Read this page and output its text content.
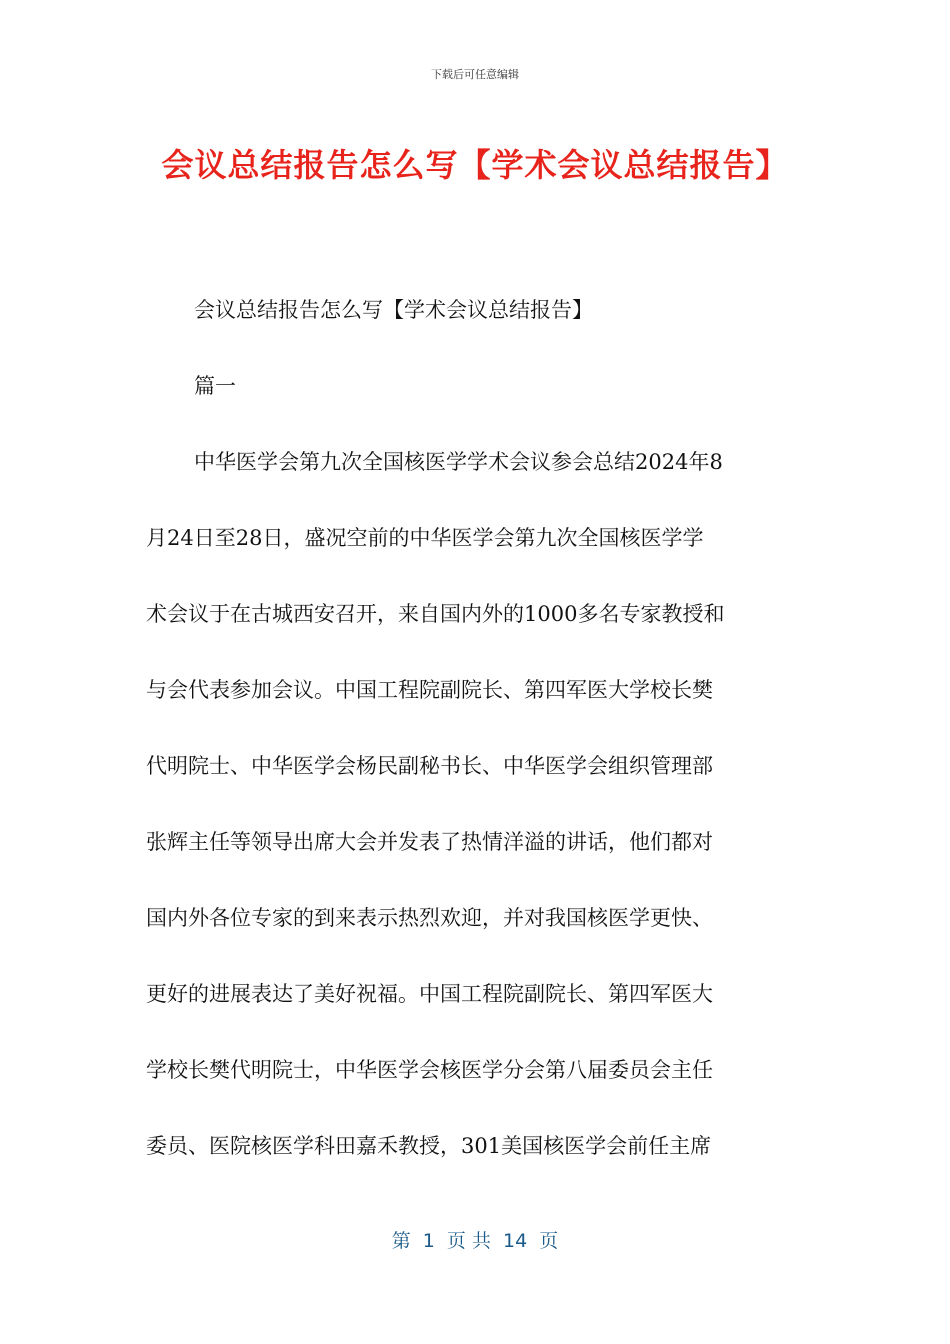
下载后可任意编辑
会议总结报告怎么写【学术会议总结报告】
会议总结报告怎么写【学术会议总结报告】
篇一
中华医学会第九次全国核医学学术会议参会总结2024年8
月24日至28日，盛况空前的中华医学会第九次全国核医学学
术会议于在古城西安召开，来自国内外的1000多名专家教授和
与会代表参加会议。中国工程院副院长、第四军医大学校长樊
代明院士、中华医学会杨民副秘书长、中华医学会组织管理部
张辉主任等领导出席大会并发表了热情洋溢的讲话，他们都对
国内外各位专家的到来表示热烈欢迎，并对我国核医学更快、
更好的进展表达了美好祝福。中国工程院副院长、第四军医大
学校长樊代明院士，中华医学会核医学分会第八届委员会主任
委员、医院核医学科田嘉禾教授，301美国核医学会前任主席
第  1  页 共  14  页
